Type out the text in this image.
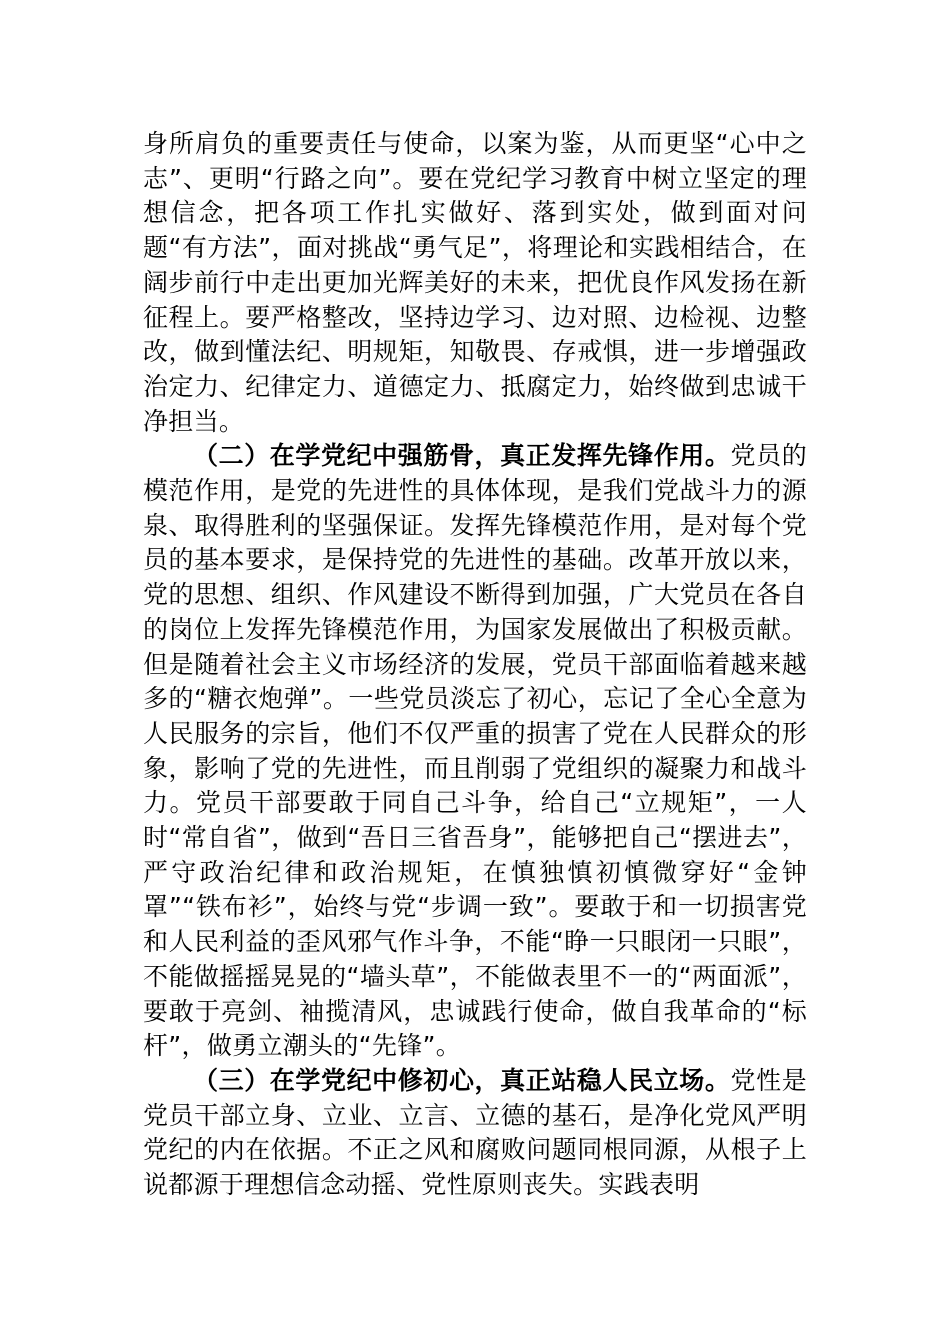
身所肩负的重要责任与使命，以案为鉴，从而更坚“心中之志”、更明“行路之向”。要在党纪学习教育中树立坚定的理想信念，把各项工作扎实做好、落到实处，做到面对问题“有方法”，面对挑战“勇气足”，将理论和实践相结合，在阔步前行中走出更加光辉美好的未来，把优良作风发扬在新征程上。要严格整改，坚持边学习、边对照、边检视、边整改，做到懂法纪、明规矩，知敬畏、存戒惧，进一步增强政治定力、纪律定力、道德定力、抵腐定力，始终做到忠诚干净担当。

（二）在学党纪中强筋骨，真正发挥先锋作用。党员的模范作用，是党的先进性的具体体现，是我们党战斗力的源泉、取得胜利的坚强保证。发挥先锋模范作用，是对每个党员的基本要求，是保持党的先进性的基础。改革开放以来，党的思想、组织、作风建设不断得到加强，广大党员在各自的岗位上发挥先锋模范作用，为国家发展做出了积极贡献。但是随着社会主义市场经济的发展，党员干部面临着越来越多的“糖衣炮弹”。一些党员淡忘了初心，忘记了全心全意为人民服务的宗旨，他们不仅严重的损害了党在人民群众的形象，影响了党的先进性，而且削弱了党组织的凝聚力和战斗力。党员干部要敢于同自己斗争，给自己“立规矩”，一人时“常自省”，做到“吾日三省吾身”，能够把自己“摆进去”，严守政治纪律和政治规矩，在慎独慎初慎微穿好“金钟罩”“铁布衫”，始终与党“步调一致”。要敢于和一切损害党和人民利益的歪风邪气作斗争，不能“睁一只眼闭一只眼”，不能做摇摇晃晃的“墙头草”，不能做表里不一的“两面派”，要敢于亮剑、袖揽清风，忠诚践行使命，做自我革命的“标杆”，做勇立潮头的“先锋”。

（三）在学党纪中修初心，真正站稳人民立场。党性是党员干部立身、立业、立言、立德的基石，是净化党风严明党纪的内在依据。不正之风和腐败问题同根同源，从根子上说都源于理想信念动摇、党性原则丧失。实践表明
